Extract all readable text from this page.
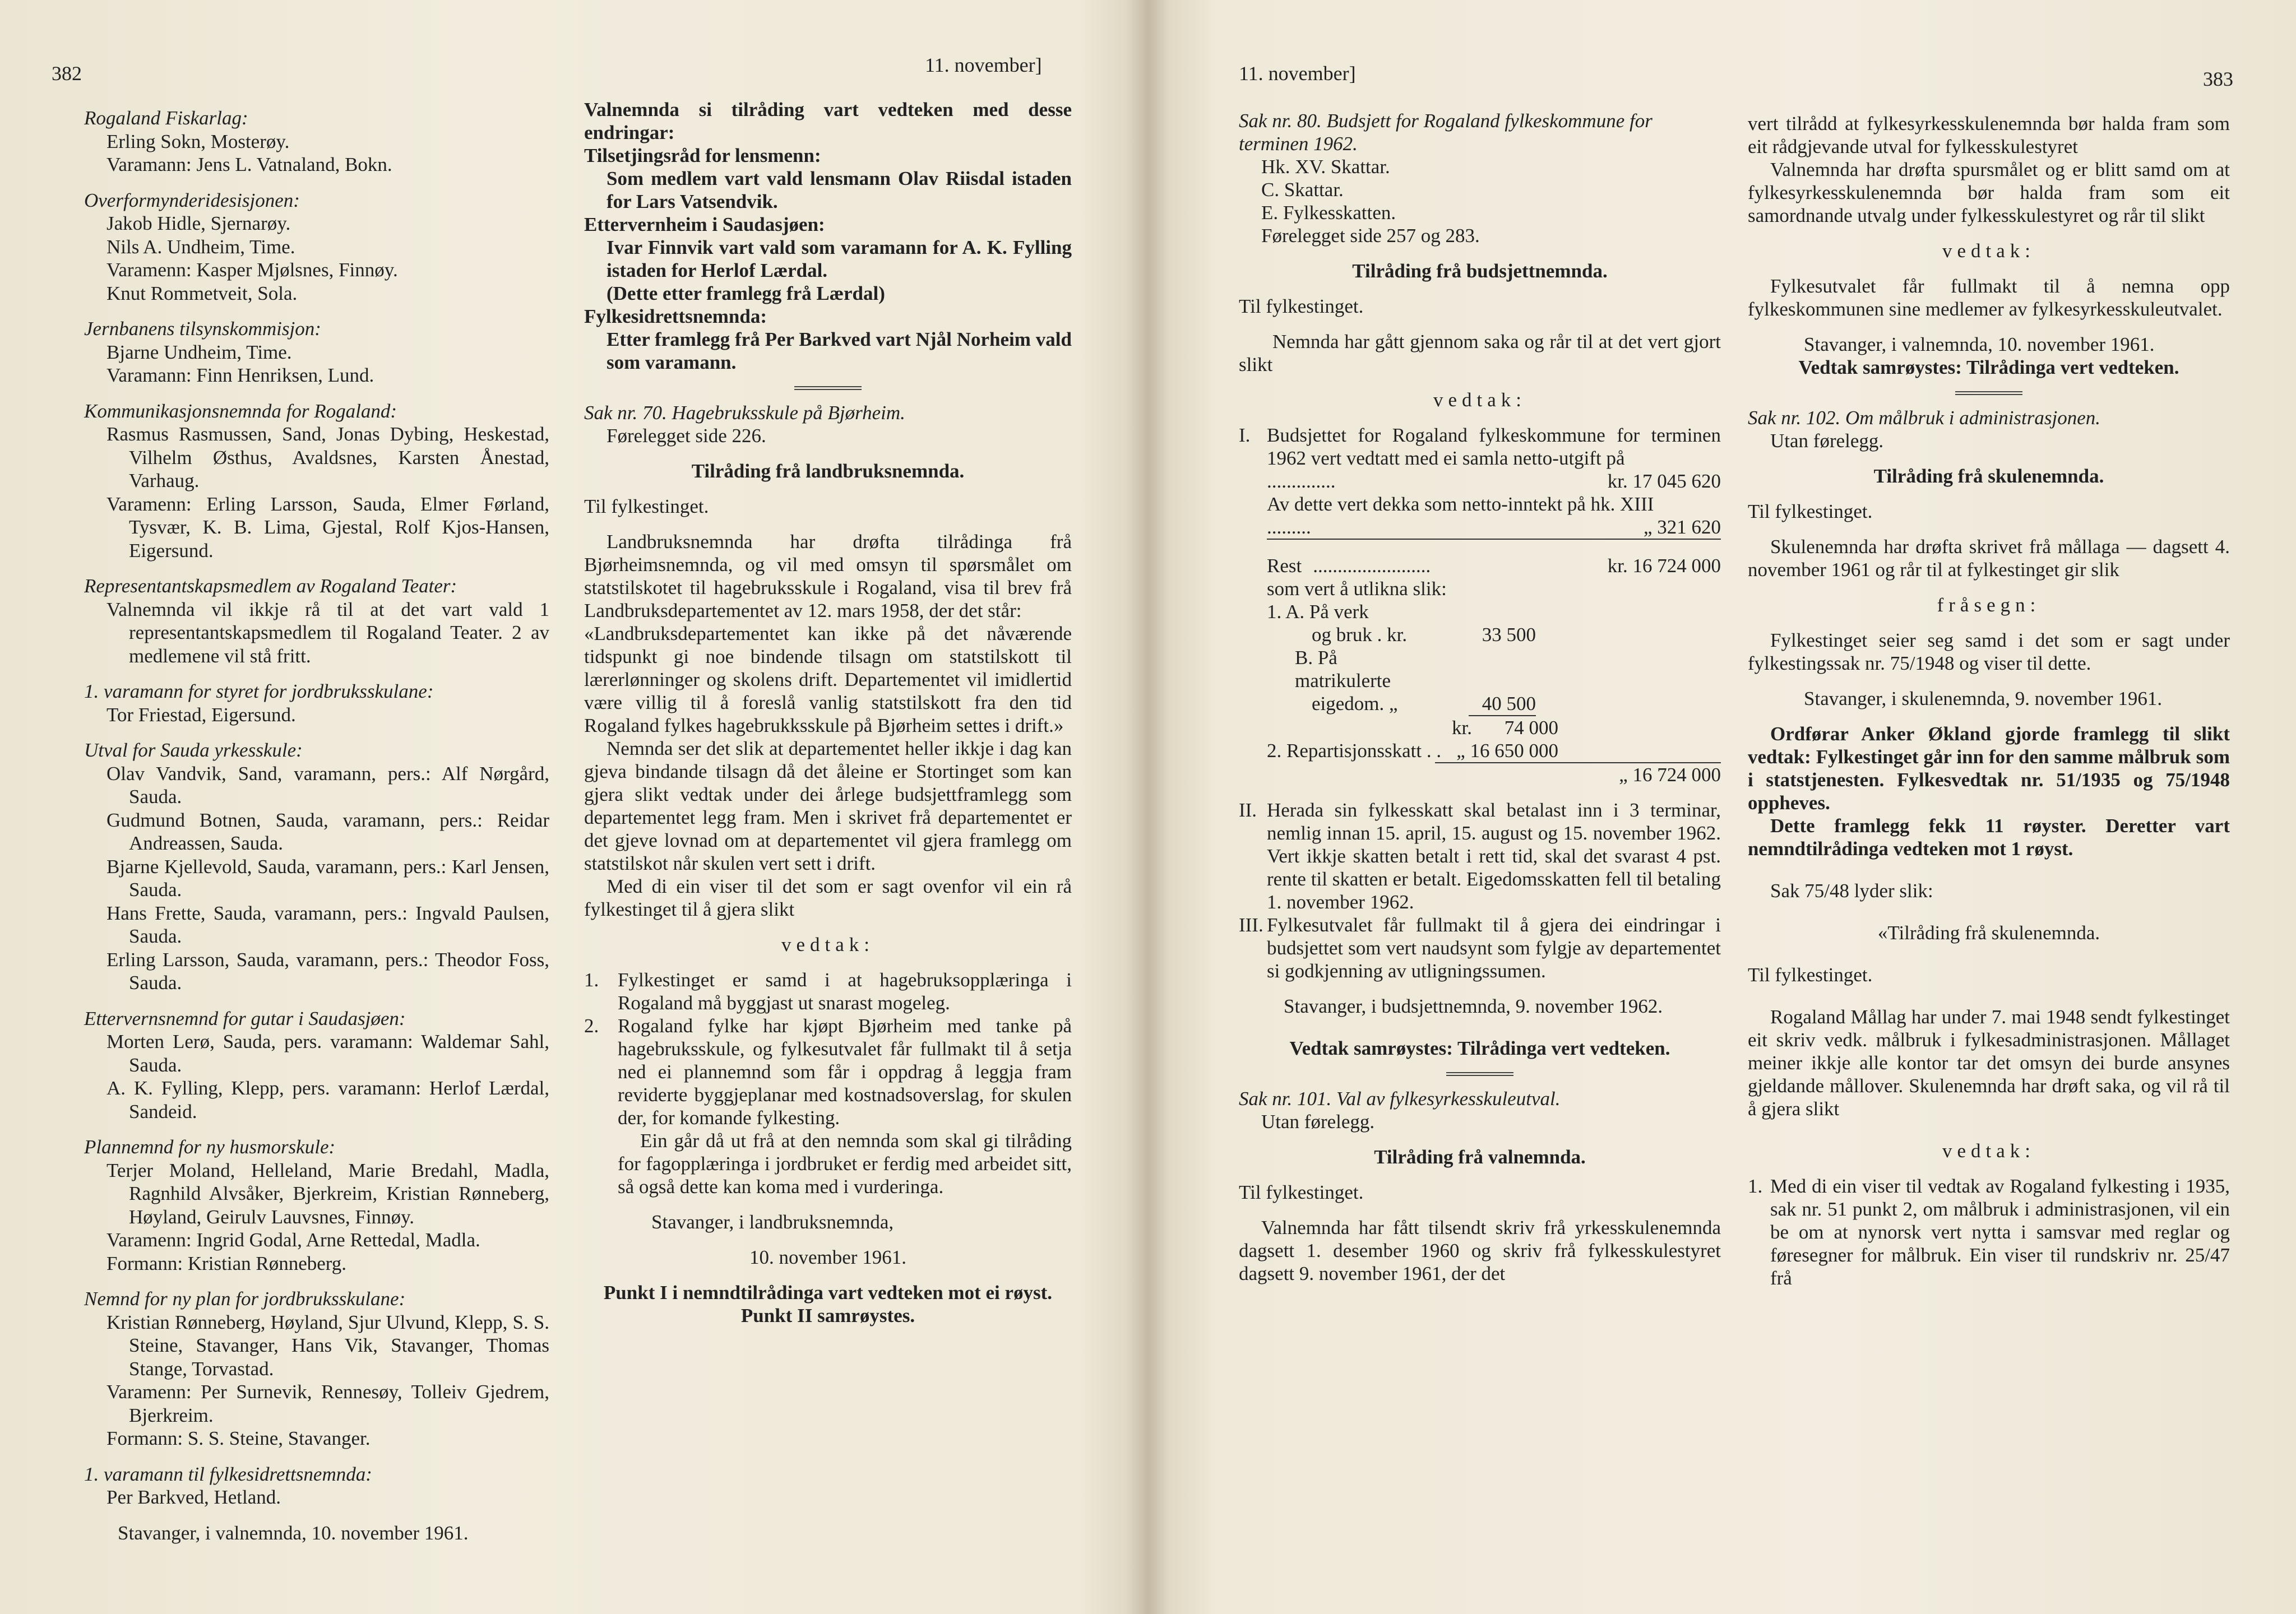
382	11. november]

Rogaland Fiskarlag:

Erling Sokn, Mosterøy.

Varamann: Jens L. Vatnaland, Bokn.

Overformynderidesisjonen:

Jakob Hidle, Sjernarøy.

Nils A. Undheim, Time.

Varamenn: Kasper Mjølsnes, Finnøy.

Knut Rommetveit, Sola.

Jernbanens tilsynskommisjon:

Bjarne Undheim, Time.

Varamann: Finn Henriksen, Lund.

Kommunikasjonsnemnda for Rogaland:

Rasmus Rasmussen, Sand, Jonas Dybing, Heskestad, Vilhelm Østhus, Avaldsnes, Karsten Ånestad, Varhaug.

Varamenn: Erling Larsson, Sauda, Elmer Førland, Tysvær, K. B. Lima, Gjestal, Rolf Kjos-Hansen, Eigersund.

Representantskapsmedlem av Rogaland Teater:

Valnemnda vil ikkje rå til at det vart vald 1 representantskapsmedlem til Rogaland Teater. 2 av medlemene vil stå fritt.

1. varamann for styret for jordbruksskulane:

Tor Friestad, Eigersund.

Utval for Sauda yrkesskule:

Olav Vandvik, Sand, varamann, pers.: Alf Nørgård, Sauda.

Gudmund Botnen, Sauda, varamann, pers.: Reidar Andreassen, Sauda.

Bjarne Kjellevold, Sauda, varamann, pers.: Karl Jensen, Sauda.

Hans Frette, Sauda, varamann, pers.: Ingvald Paulsen, Sauda.

Erling Larsson, Sauda, varamann, pers.: Theodor Foss, Sauda.

Ettervernsnemnd for gutar i Saudasjøen:

Morten Lerø, Sauda, pers. varamann: Waldemar Sahl, Sauda.

A. K. Fylling, Klepp, pers. varamann: Herlof Lærdal, Sandeid.

Plannemnd for ny husmorskule:

Terjer Moland, Helleland, Marie Bredahl, Madla, Ragnhild Alvsåker, Bjerkreim, Kristian Rønneberg, Høyland, Geirulv Lauvsnes, Finnøy.

Varamenn: Ingrid Godal, Arne Rettedal, Madla.

Formann: Kristian Rønneberg.

Nemnd for ny plan for jordbruksskulane:

Kristian Rønneberg, Høyland, Sjur Ulvund, Klepp, S. S. Steine, Stavanger, Hans Vik, Stavanger, Thomas Stange, Torvastad.

Varamenn: Per Surnevik, Rennesøy, Tolleiv Gjedrem, Bjerkreim.

Formann: S. S. Steine, Stavanger.

1. varamann til fylkesidrettsnemnda:

Per Barkved, Hetland.

Stavanger, i valnemnda, 10. november 1961.

Valnemnda si tilråding vart vedteken med desse endringar:

Tilsetjingsråd for lensmenn:

Som medlem vart vald lensmann Olav Riisdal istaden for Lars Vatsendvik.

Ettervernheim i Saudasjøen:

Ivar Finnvik vart vald som varamann for A. K. Fylling istaden for Herlof Lærdal.

(Dette etter framlegg frå Lærdal)

Fylkesidrettsnemnda:

Etter framlegg frå Per Barkved vart Njål Norheim vald som varamann.

Sak nr. 70. Hagebruksskule på Bjørheim.

Førelegget side 226.

Tilråding frå landbruksnemnda.

Til fylkestinget.

Landbruksnemnda har drøfta tilrådinga frå Bjørheimsnemnda, og vil med omsyn til spørsmålet om statstilskotet til hagebruksskule i Rogaland, visa til brev frå Landbruksdepartementet av 12. mars 1958, der det står:

«Landbruksdepartementet kan ikke på det nåværende tidspunkt gi noe bindende tilsagn om statstilskott til lærerlønninger og skolens drift. Departementet vil imidlertid være villig til å foreslå vanlig statstilskott fra den tid Rogaland fylkes hagebrukksskule på Bjørheim settes i drift.»

Nemnda ser det slik at departementet heller ikkje i dag kan gjeva bindande tilsagn då det åleine er Stortinget som kan gjera slikt vedtak under dei årlege budsjettframlegg som departementet legg fram. Men i skrivet frå departementet er det gjeve lovnad om at departementet vil gjera framlegg om statstilskot når skulen vert sett i drift.

Med di ein viser til det som er sagt ovenfor vil ein rå fylkestinget til å gjera slikt

vedtak:

1. Fylkestinget er samd i at hagebruksopplæringa i Rogaland må byggjast ut snarast mogeleg.
2. Rogaland fylke har kjøpt Bjørheim med tanke på hagebruksskule, og fylkesutvalet får fullmakt til å setja ned ei plannemnd som får i oppdrag å leggja fram reviderte byggjeplanar med kostnadsoverslag, for skulen der, for komande fylkesting.

Ein går då ut frå at den nemnda som skal gi tilråding for fagopplæringa i jordbruket er ferdig med arbeidet sitt, så også dette kan koma med i vurderinga.

Stavanger, i landbruksnemnda,

10. november 1961.

Punkt I i nemndtilrådinga vart vedteken mot ei røyst. Punkt II samrøystes.

11. november]	383

Sak nr. 80. Budsjett for Rogaland fylkeskommune for terminen 1962.

Hk. XV. Skattar.

C. Skattar.

E. Fylkesskatten.

Førelegget side 257 og 283.

Tilråding frå budsjettnemnda.

Til fylkestinget.

Nemnda har gått gjennom saka og rår til at det vert gjort slikt

vedtak:

I. Budsjettet for Rogaland fylkeskommune for terminen 1962 vert vedtatt med ei samla netto-utgift på
..............	kr. 17 045 620
Av dette vert dekka som netto-inntekt på hk. XIII
.........	„ 321 620
Rest ........................	kr. 16 724 000

som vert å utlikna slik:

1. A. På verk
og bruk . kr.	33 500
B. På matrikulerte
eigedom. „	40 500
kr.	74 000
2. Repartisjonsskatt . . „ 16 650 000
„ 16 724 000
II. Herada sin fylkesskatt skal betalast inn i 3 terminar, nemlig innan 15. april, 15. august og 15. november 1962. Vert ikkje skatten betalt i rett tid, skal det svarast 4 pst. rente til skatten er betalt. Eigedomsskatten fell til betaling 1. november 1962.
III. Fylkesutvalet får fullmakt til å gjera dei eindringar i budsjettet som vert naudsynt som fylgje av departementet si godkjenning av utligningssumen.

Stavanger, i budsjettnemnda, 9. november 1962.

Vedtak samrøystes: Tilrådinga vert vedteken.

Sak nr. 101. Val av fylkesyrkesskuleutval.

Utan førelegg.

Tilråding frå valnemnda.

Til fylkestinget.

Valnemnda har fått tilsendt skriv frå yrkesskulenemnda dagsett 1. desember 1960 og skriv frå fylkesskulestyret dagsett 9. november 1961, der det

vert tilrådd at fylkesyrkesskulenemnda bør halda fram som eit rådgjevande utval for fylkesskulestyret

Valnemnda har drøfta spursmålet og er blitt samd om at fylkesyrkesskulenemnda bør halda fram som eit samordnande utvalg under fylkesskulestyret og rår til slikt

vedtak:

Fylkesutvalet får fullmakt til å nemna opp fylkeskommunen sine medlemer av fylkesyrkesskuleutvalet.

Stavanger, i valnemnda, 10. november 1961.

Vedtak samrøystes: Tilrådinga vert vedteken.

Sak nr. 102. Om målbruk i administrasjonen.

Utan førelegg.

Tilråding frå skulenemnda.

Til fylkestinget.

Skulenemnda har drøfta skrivet frå mållaga — dagsett 4. november 1961 og rår til at fylkestinget gir slik

fråsegn:

Fylkestinget seier seg samd i det som er sagt under fylkestingssak nr. 75/1948 og viser til dette.

Stavanger, i skulenemnda, 9. november 1961.

Ordførar Anker Økland gjorde framlegg til slikt vedtak: Fylkestinget går inn for den samme målbruk som i statstjenesten. Fylkesvedtak nr. 51/1935 og 75/1948 oppheves.

Dette framlegg fekk 11 røyster. Deretter vart nemndtilrådinga vedteken mot 1 røyst.

Sak 75/48 lyder slik:

«Tilråding frå skulenemnda.

Til fylkestinget.

Rogaland Mållag har under 7. mai 1948 sendt fylkestinget eit skriv vedk. målbruk i fylkesadministrasjonen. Mållaget meiner ikkje alle kontor tar det omsyn dei burde ansynes gjeldande mållover. Skulenemnda har drøft saka, og vil rå til å gjera slikt

vedtak:

1. Med di ein viser til vedtak av Rogaland fylkesting i 1935, sak nr. 51 punkt 2, om målbruk i administrasjonen, vil ein be om at nynorsk vert nytta i samsvar med reglar og føresegner for målbruk. Ein viser til rundskriv nr. 25/47 frå
